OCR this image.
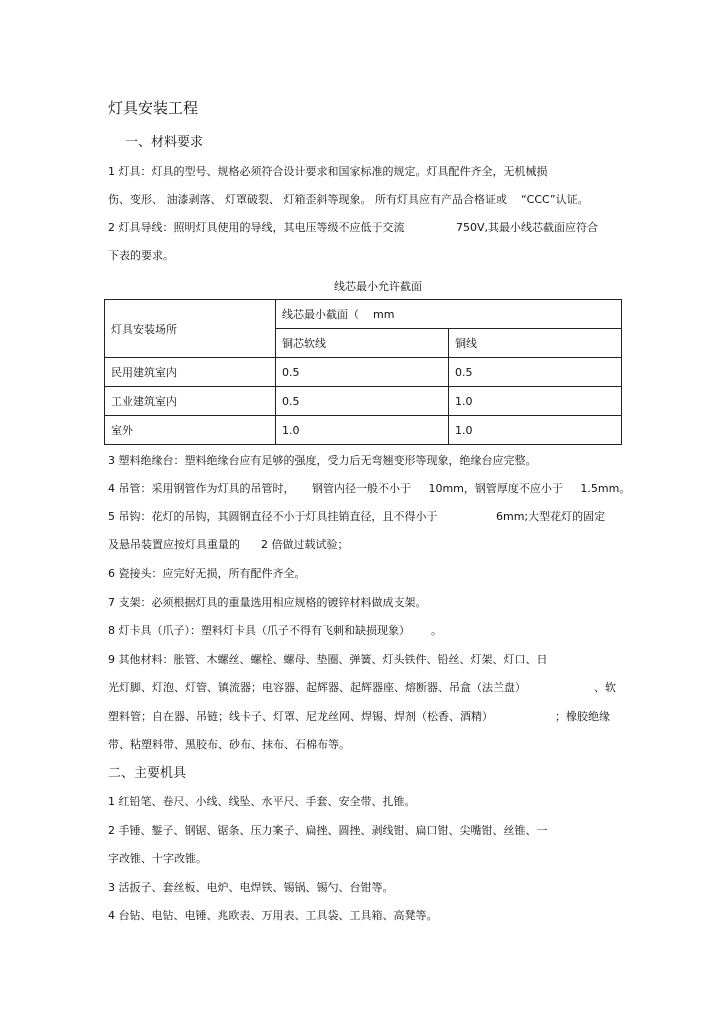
灯具安装工程
一、材料要求
1 灯具：灯具的型号、规格必须符合设计要求和国家标准的规定。灯具配件齐全，无机械损
伤、变形、 油漆剥落、 灯罩破裂、 灯箱歪斜等现象。 所有灯具应有产品合格证或    “CCC”认证。
2 灯具导线：照明灯具使用的导线，其电压等级不应低于交流	750V,其最小线芯截面应符合
下表的要求。
线芯最小允许截面
灯具安装场所	线芯最小截面（    mm	
	铜芯软线	铜线
民用建筑室内	0.5	0.5
工业建筑室内	0.5	1.0
室外	1.0	1.0
3 塑料绝缘台：塑料绝缘台应有足够的强度，受力后无弯翘变形等现象，绝缘台应完整。
4 吊管：采用钢管作为灯具的吊管时，     钢管内径一般不小于     10mm，钢管厚度不应小于     1.5mm。
5 吊钩：花灯的吊钩，其圆钢直径不小于灯具挂销直径，且不得小于	6mm;大型花灯的固定
及悬吊装置应按灯具重量的      2 倍做过载试验；
6 瓷接头：应完好无损，所有配件齐全。
7 支架：必须根据灯具的重量选用相应规格的镀锌材料做成支架。
8 灯卡具（爪子）：塑料灯卡具（爪子不得有飞刺和缺损现象）      。
9 其他材料：胀管、木螺丝、螺栓、螺母、垫圈、弹簧、灯头铁件、铅丝、灯架、灯口、日
光灯脚、灯泡、灯管、镇流器；电容器、起辉器、起辉器座、熔断器、吊盒（法兰盘）	、软
塑料管；自在器、吊链；线卡子、灯罩、尼龙丝网、焊锡、焊剂（松香、酒精）	；橡胶绝缘
带、粘塑料带、黑胶布、砂布、抹布、石棉布等。
二、主要机具
1 红铅笔、卷尺、小线、线坠、水平尺、手套、安全带、扎锥。
2 手锤、錾子、钢锯、锯条、压力案子、扁挫、圆挫、剥线钳、扁口钳、尖嘴钳、丝锥、一
字改锥、十字改锥。
3 活扳子、套丝板、电炉、电焊铁、锡锅、锡勺、台钳等。
4 台钻、电钻、电锤、兆欧表、万用表、工具袋、工具箱、高凳等。
